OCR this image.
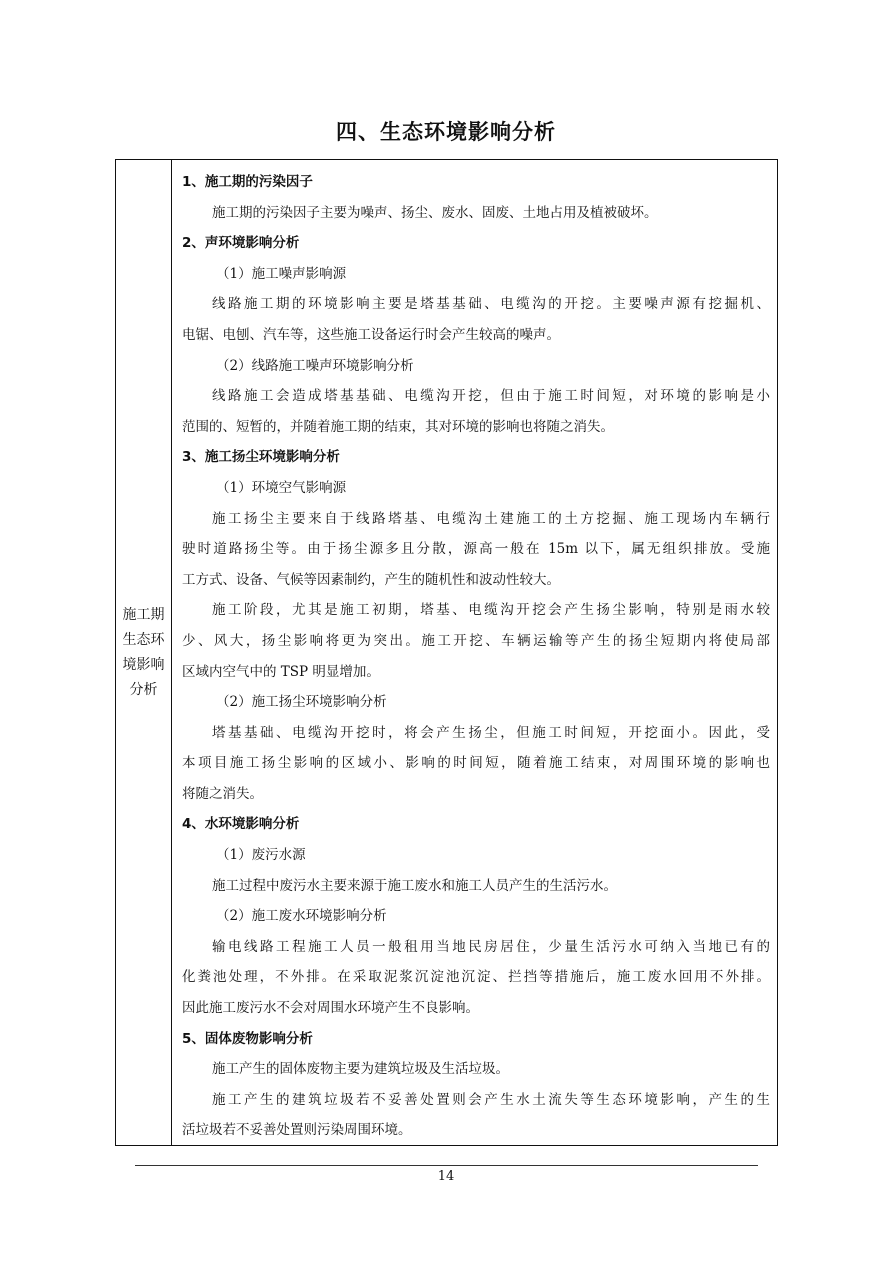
四、生态环境影响分析
施工期生态环境影响分析
1、施工期的污染因子
施工期的污染因子主要为噪声、扬尘、废水、固废、土地占用及植被破坏。
2、声环境影响分析
（1）施工噪声影响源
线路施工期的环境影响主要是塔基基础、电缆沟的开挖。主要噪声源有挖掘机、
电锯、电刨、汽车等，这些施工设备运行时会产生较高的噪声。
（2）线路施工噪声环境影响分析
线路施工会造成塔基基础、电缆沟开挖，但由于施工时间短，对环境的影响是小
范围的、短暂的，并随着施工期的结束，其对环境的影响也将随之消失。
3、施工扬尘环境影响分析
（1）环境空气影响源
施工扬尘主要来自于线路塔基、电缆沟土建施工的土方挖掘、施工现场内车辆行
驶时道路扬尘等。由于扬尘源多且分散，源高一般在 15m 以下，属无组织排放。受施
工方式、设备、气候等因素制约，产生的随机性和波动性较大。
施工阶段，尤其是施工初期，塔基、电缆沟开挖会产生扬尘影响，特别是雨水较
少、风大，扬尘影响将更为突出。施工开挖、车辆运输等产生的扬尘短期内将使局部
区域内空气中的 TSP 明显增加。
（2）施工扬尘环境影响分析
塔基基础、电缆沟开挖时，将会产生扬尘，但施工时间短，开挖面小。因此，受
本项目施工扬尘影响的区域小、影响的时间短，随着施工结束，对周围环境的影响也
将随之消失。
4、水环境影响分析
（1）废污水源
施工过程中废污水主要来源于施工废水和施工人员产生的生活污水。
（2）施工废水环境影响分析
输电线路工程施工人员一般租用当地民房居住，少量生活污水可纳入当地已有的
化粪池处理，不外排。在采取泥浆沉淀池沉淀、拦挡等措施后，施工废水回用不外排。
因此施工废污水不会对周围水环境产生不良影响。
5、固体废物影响分析
施工产生的固体废物主要为建筑垃圾及生活垃圾。
施工产生的建筑垃圾若不妥善处置则会产生水土流失等生态环境影响，产生的生
活垃圾若不妥善处置则污染周围环境。
14
